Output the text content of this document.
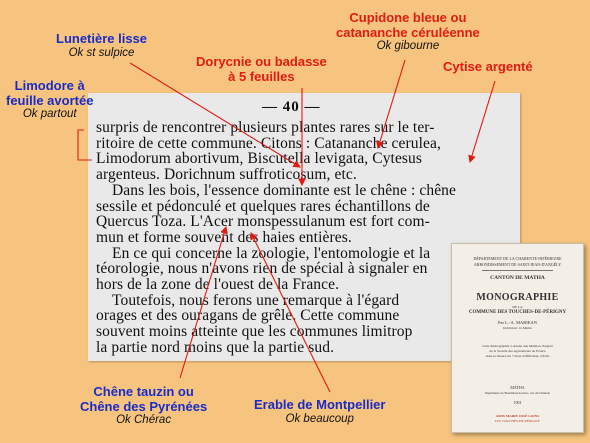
— 40 —
surpris de rencontrer plusieurs plantes rares sur le ter-
ritoire de cette commune. Citons : Catananche cerulea,
Limodorum abortivum, Biscutella levigata, Cytesus
argenteus. Dorichnum suffroticosum, etc.
Dans les bois, l'essence dominante est le chêne : chêne
sessile et pédonculé et quelques rares échantillons de
Quercus Toza. L'Acer monspessulanum est fort com-
mun et forme souvent des haies entières.
En ce qui concerne la zoologie, l'entomologie et la
téorologie, nous n'avons rien de spécial à signaler en
hors de la zone de l'ouest de la France.
Toutefois, nous ferons une remarque à l'égard
orages et des ouragans de grêle. Cette commune
souvent moins atteinte que les communes limitrop
la partie nord moins que la partie sud.
DÉPARTEMENT DE LA CHARENTE-INFÉRIEURE
ARRONDISSEMENT DE SAINT-JEAN-D'ANGÉLY
CANTON DE MATHA
MONOGRAPHIE
DE LA
COMMUNE DES TOUCHES-DE-PÉRIGNY
Par L.-A. MARIEAN
Instituteur en Matha
Cette Monographie a obtenu une Mention d'argent
de la Société des Agriculteurs de France
dans sa Séance du 7 mars d'affiliation, à Paris
MATHA
Imprimerie de Bouillaud-Leclerc, rue du Château
1901
AMIS MARIE JOSÉ LIONS
LES TOUCHES-DE-PÉRIGNY
Lunetière lisse
Ok st sulpice
Cupidone bleue ou
catananche céruléenne
Ok gibourne
Dorycnie ou badasse
à 5 feuilles
Cytise argenté
Limodore à
feuille avortée
Ok partout
Chêne tauzin ou
Chêne des Pyrénées
Ok Chérac
Erable de Montpellier
Ok beaucoup
